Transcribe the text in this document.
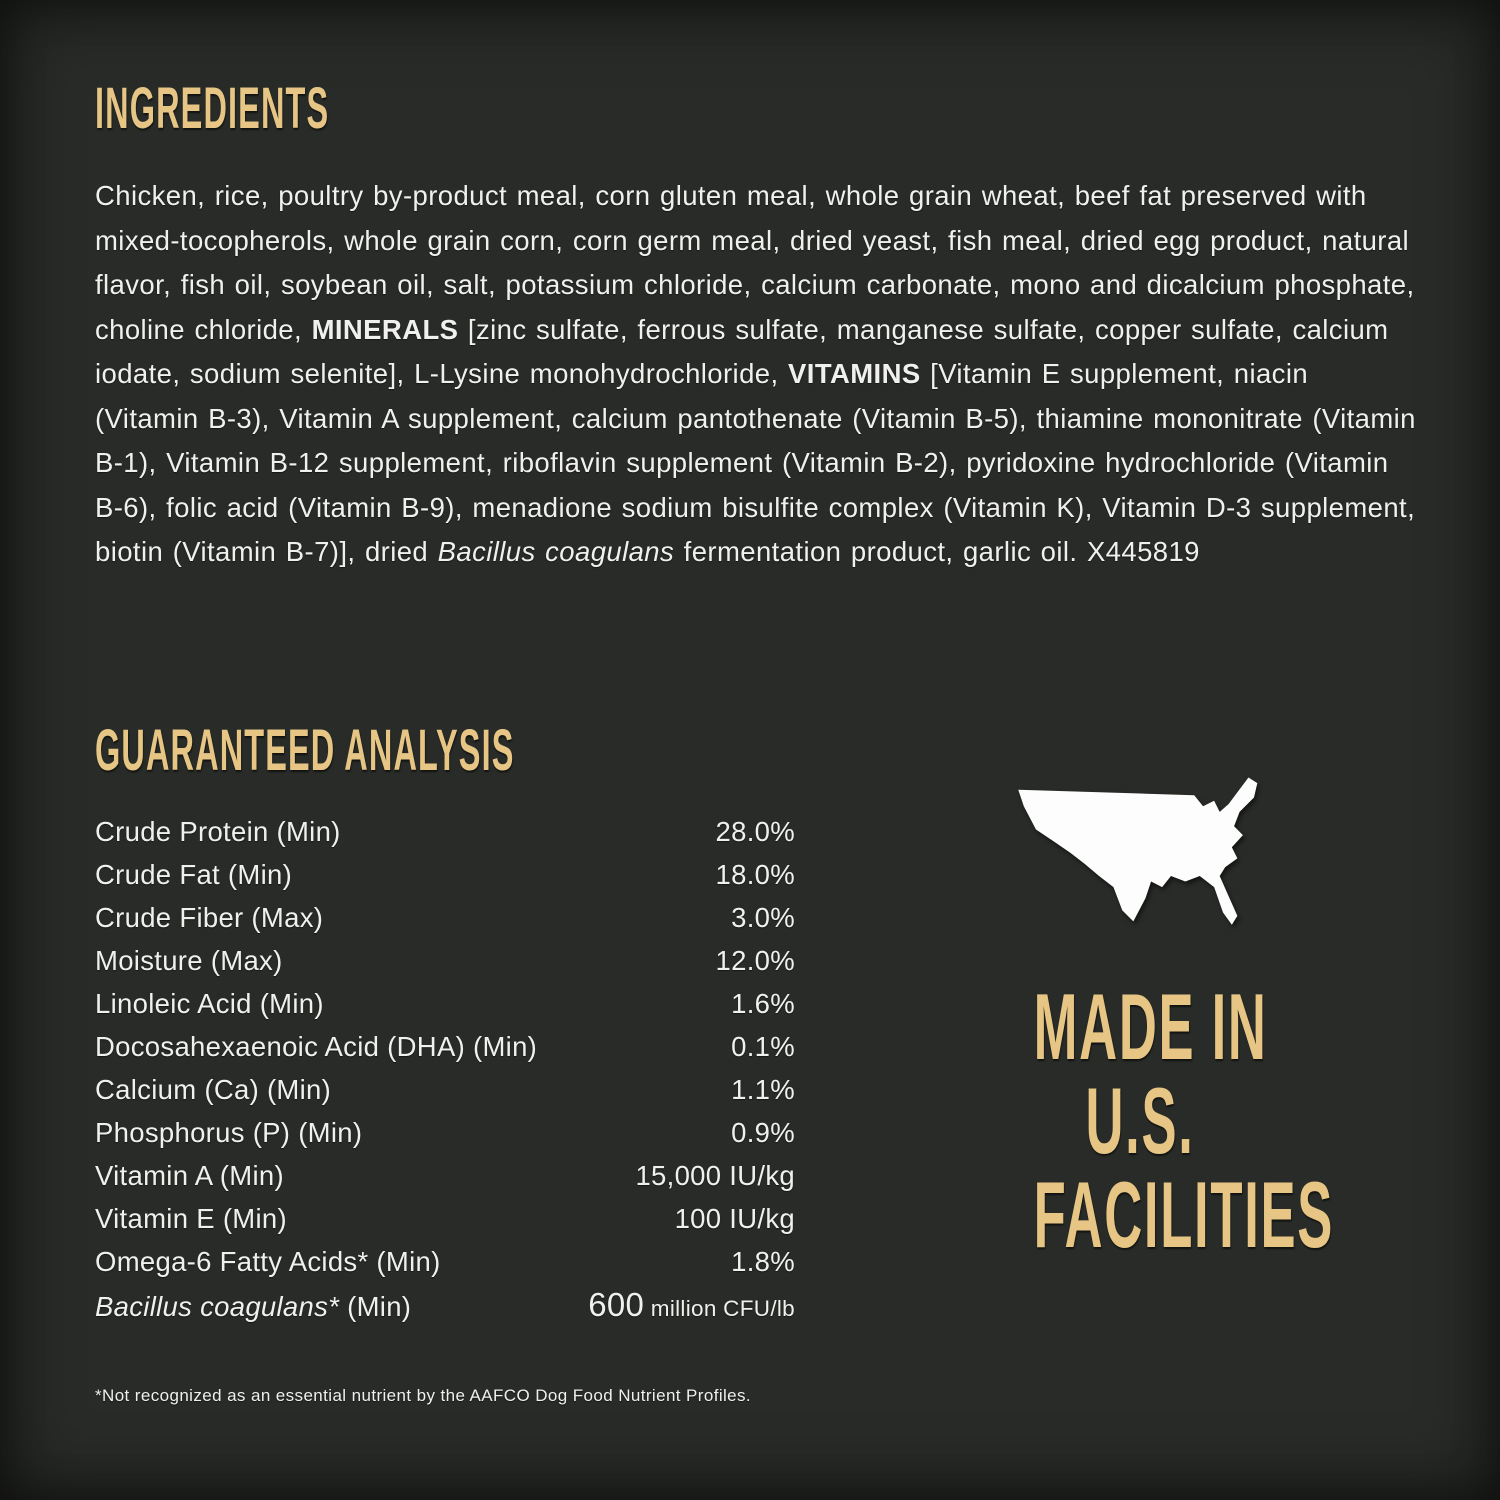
INGREDIENTS

Chicken, rice, poultry by-product meal, corn gluten meal, whole grain wheat, beef fat preserved with mixed-tocopherols, whole grain corn, corn germ meal, dried yeast, fish meal, dried egg product, natural flavor, fish oil, soybean oil, salt, potassium chloride, calcium carbonate, mono and dicalcium phosphate, choline chloride, MINERALS [zinc sulfate, ferrous sulfate, manganese sulfate, copper sulfate, calcium iodate, sodium selenite], L-Lysine monohydrochloride, VITAMINS [Vitamin E supplement, niacin (Vitamin B-3), Vitamin A supplement, calcium pantothenate (Vitamin B-5), thiamine mononitrate (Vitamin B-1), Vitamin B-12 supplement, riboflavin supplement (Vitamin B-2), pyridoxine hydrochloride (Vitamin B-6), folic acid (Vitamin B-9), menadione sodium bisulfite complex (Vitamin K), Vitamin D-3 supplement, biotin (Vitamin B-7)], dried Bacillus coagulans fermentation product, garlic oil. X445819

GUARANTEED ANALYSIS
Crude Protein (Min)	28.0%
Crude Fat (Min)	18.0%
Crude Fiber (Max)	3.0%
Moisture (Max)	12.0%
Linoleic Acid (Min)	1.6%
Docosahexaenoic Acid (DHA) (Min)	0.1%
Calcium (Ca) (Min)	1.1%
Phosphorus (P) (Min)	0.9%
Vitamin A (Min)	15,000 IU/kg
Vitamin E (Min)	100 IU/kg
Omega-6 Fatty Acids* (Min)	1.8%
Bacillus coagulans* (Min)	600 million CFU/lb
MADE IN
U.S.
FACILITIES

*Not recognized as an essential nutrient by the AAFCO Dog Food Nutrient Profiles.
